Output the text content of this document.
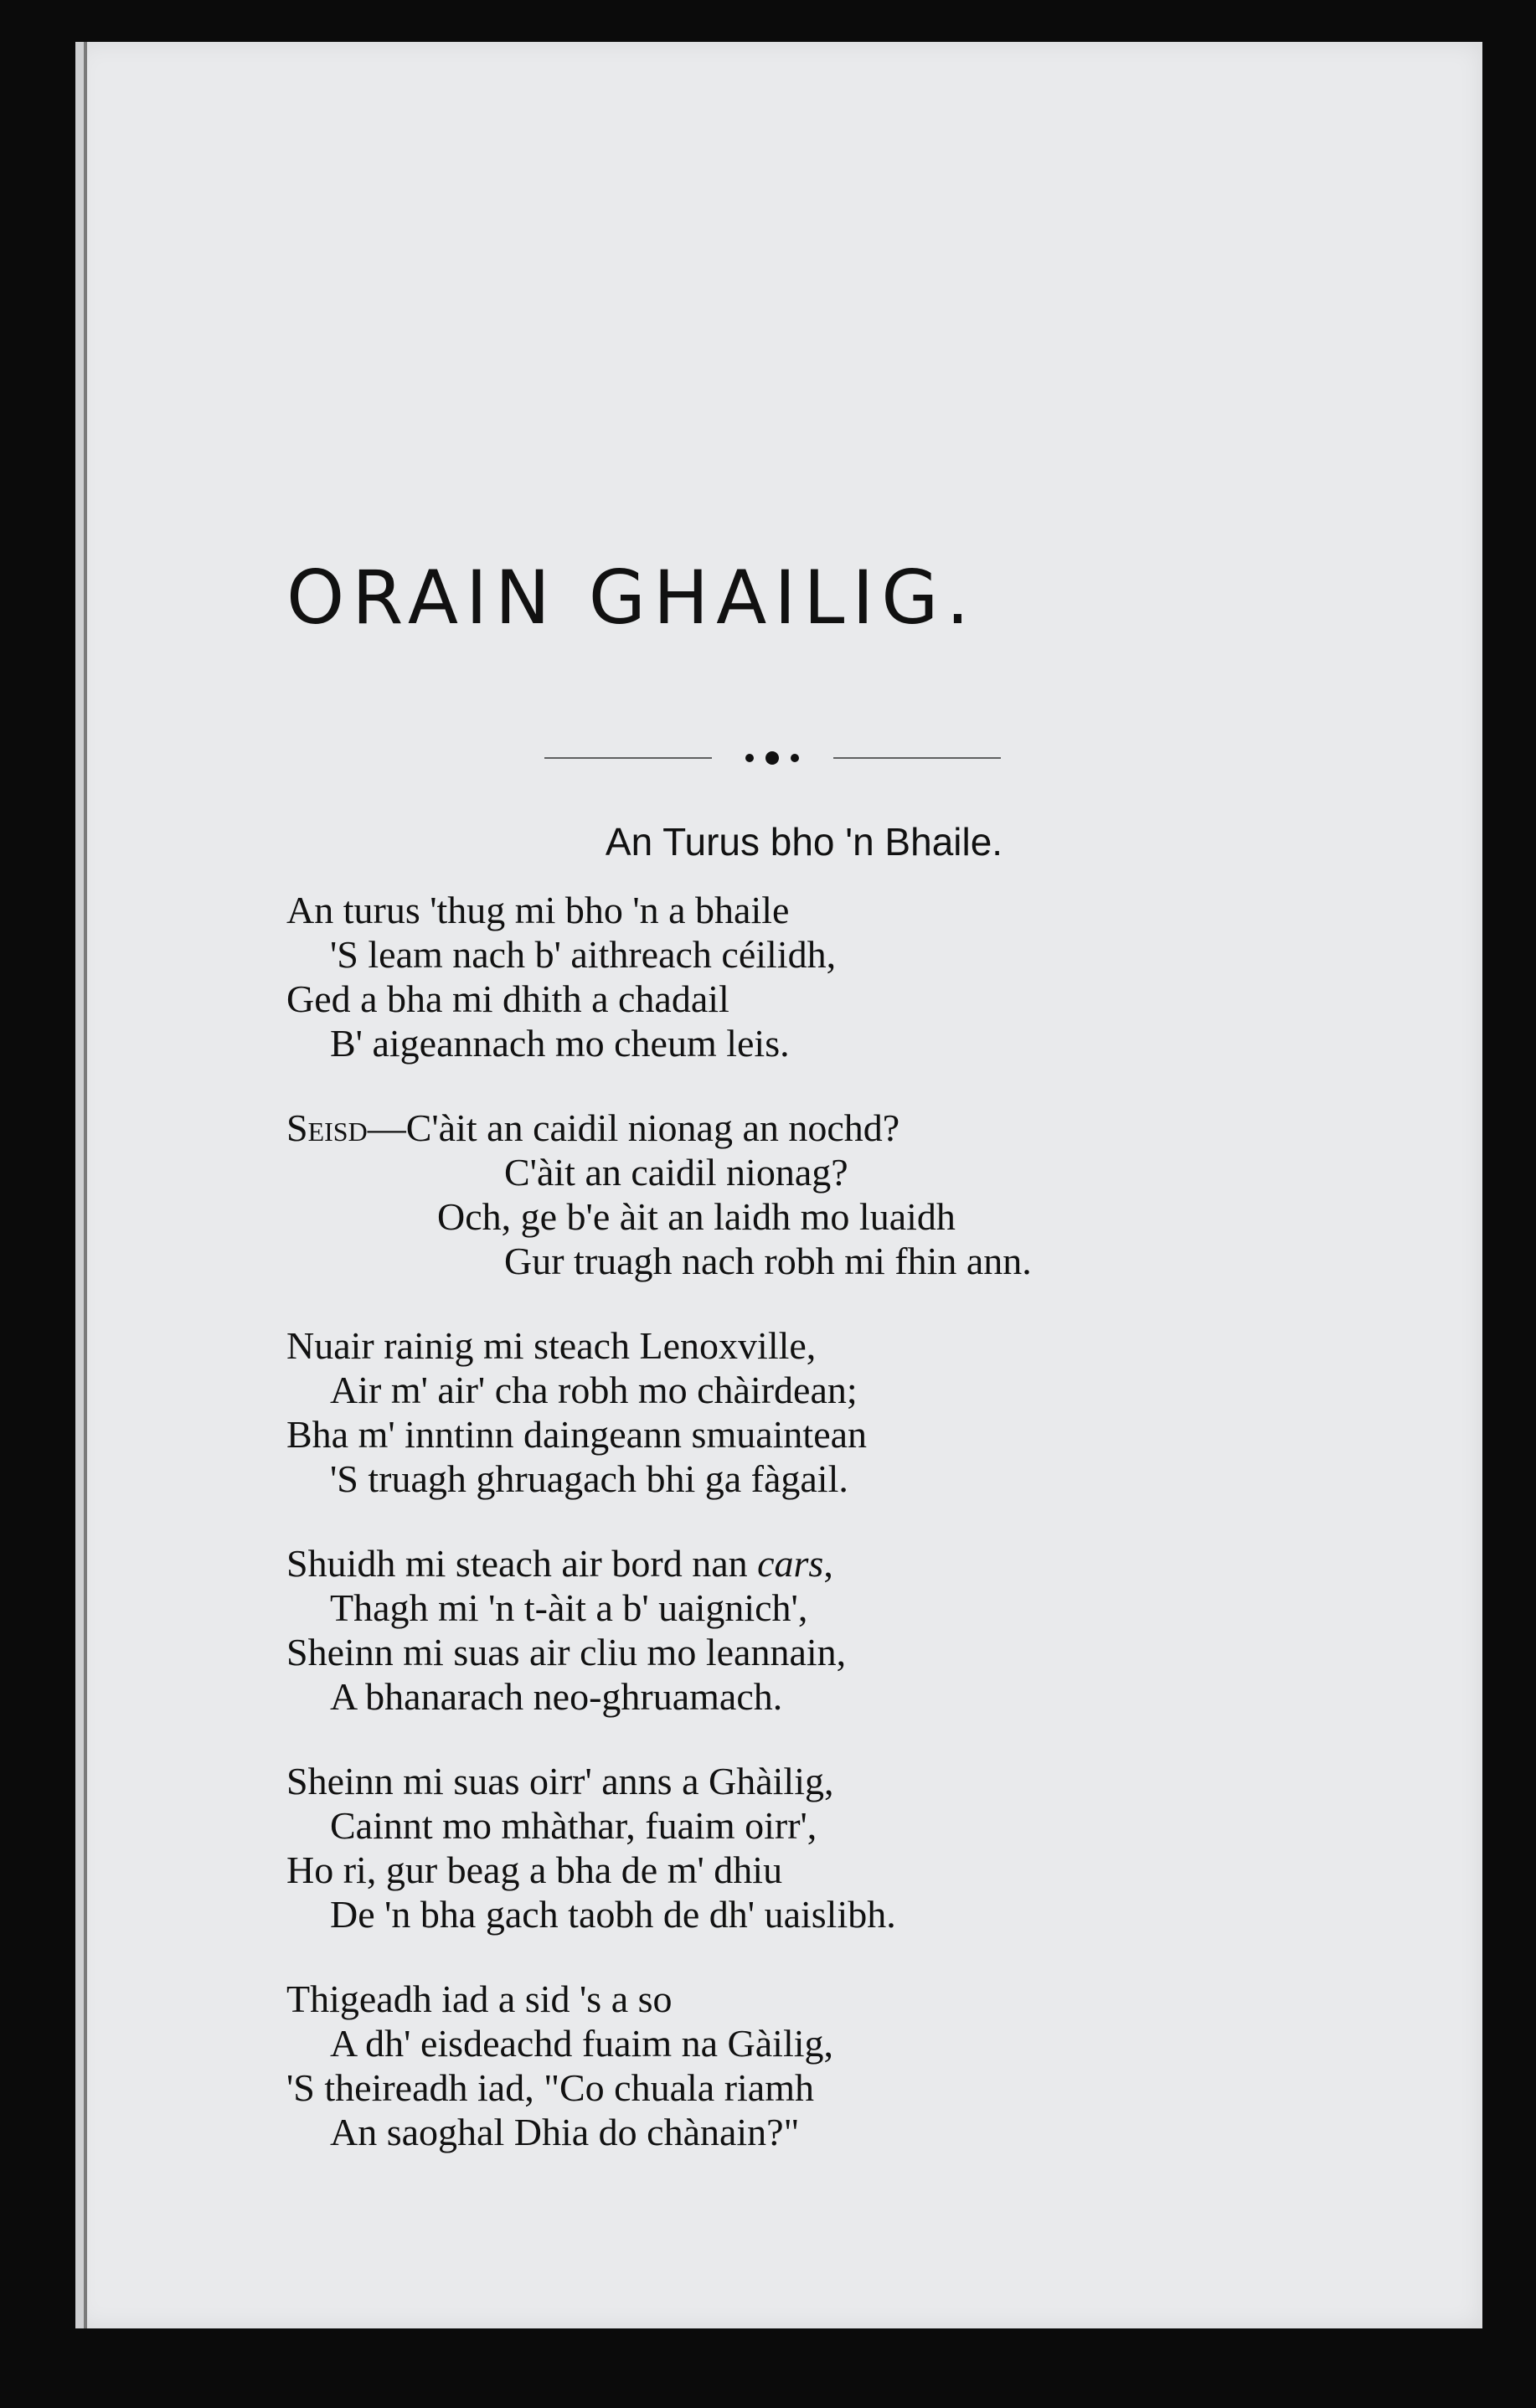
ORAIN GHAILIG.
An Turus bho 'n Bhaile.
An turus 'thug mi bho 'n a bhaile
'S leam nach b' aithreach céilidh,
Ged a bha mi dhith a chadail
B' aigeannach mo cheum leis.
Seisd—C'àit an caidil nionag an nochd?
C'àit an caidil nionag?
Och, ge b'e àit an laidh mo luaidh
Gur truagh nach robh mi fhin ann.
Nuair rainig mi steach Lenoxville,
Air m' air' cha robh mo chàirdean;
Bha m' inntinn daingeann smuaintean
'S truagh ghruagach bhi ga fàgail.
Shuidh mi steach air bord nan cars,
Thagh mi 'n t-àit a b' uaignich',
Sheinn mi suas air cliu mo leannain,
A bhanarach neo-ghruamach.
Sheinn mi suas oirr' anns a Ghàilig,
Cainnt mo mhàthar, fuaim oirr',
Ho ri, gur beag a bha de m' dhiu
De 'n bha gach taobh de dh' uaislibh.
Thigeadh iad a sid 's a so
A dh' eisdeachd fuaim na Gàilig,
'S theireadh iad, "Co chuala riamh
An saoghal Dhia do chànain?"
